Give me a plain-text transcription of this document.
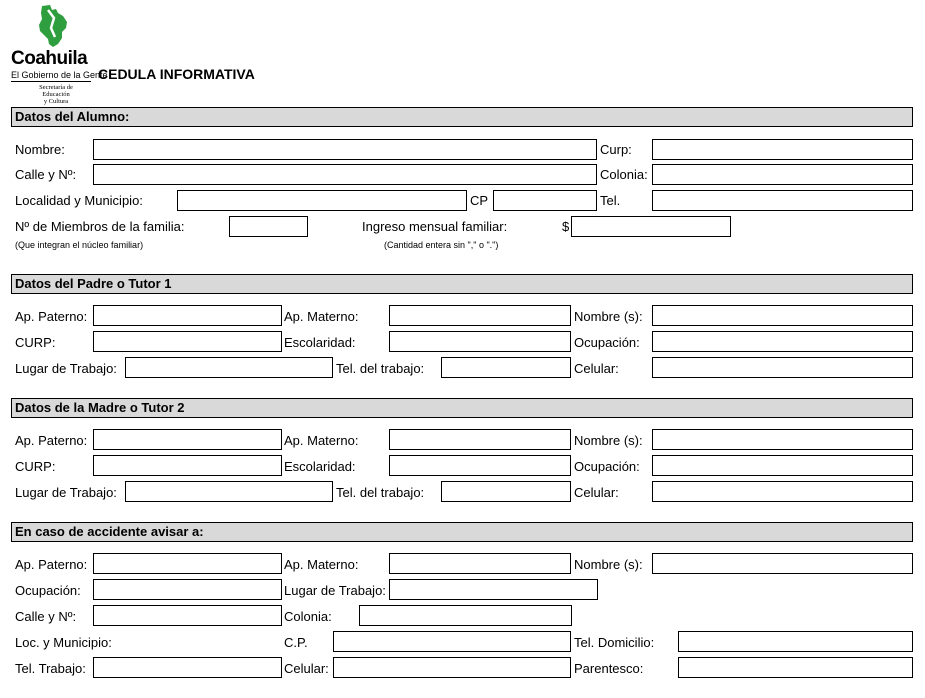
Coahuila
El Gobierno de la Gente
Secretaría de Educación
y Cultura
CEDULA INFORMATIVA
Datos del Alumno:
Nombre:	Curp:
Calle y Nº:	Colonia:
Localidad y Municipio:	CP	Tel.
Nº de Miembros de la familia:
(Que integran el núcleo familiar)
Ingreso mensual familiar:	$
(Cantidad entera sin "," o ".")
Datos del Padre o Tutor 1
Ap. Paterno:	Ap. Materno:	Nombre (s):
CURP:	Escolaridad:	Ocupación:
Lugar de Trabajo:	Tel. del trabajo:	Celular:
Datos de la Madre o Tutor 2
Ap. Paterno:	Ap. Materno:	Nombre (s):
CURP:	Escolaridad:	Ocupación:
Lugar de Trabajo:	Tel. del trabajo:	Celular:
En caso de accidente avisar a:
Ap. Paterno:	Ap. Materno:	Nombre (s):
Ocupación:	Lugar de Trabajo:
Calle y Nº:	Colonia:
Loc. y Municipio:	C.P.	Tel. Domicilio:
Tel. Trabajo:	Celular:	Parentesco:
